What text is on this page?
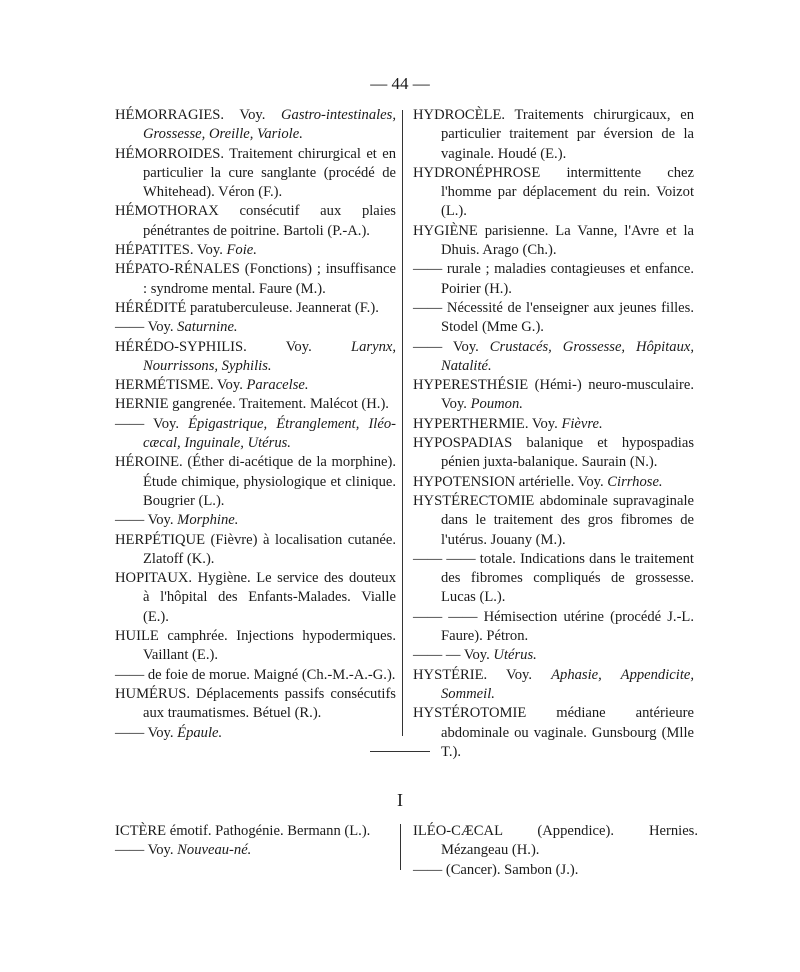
— 44 —

HÉMORRAGIES. Voy. Gastro-intestinales, Grossesse, Oreille, Variole.

HÉMORROIDES. Traitement chirurgical et en particulier la cure sanglante (procédé de Whitehead). Véron (F.).

HÉMOTHORAX consécutif aux plaies pénétrantes de poitrine. Bartoli (P.-A.).

HÉPATITES. Voy. Foie.

HÉPATO-RÉNALES (Fonctions) ; insuffisance : syndrome mental. Faure (M.).

HÉRÉDITÉ paratuberculeuse. Jeannerat (F.).

—— Voy. Saturnine.

HÉRÉDO-SYPHILIS. Voy. Larynx, Nourrissons, Syphilis.

HERMÉTISME. Voy. Paracelse.

HERNIE gangrenée. Traitement. Malécot (H.).

—— Voy. Épigastrique, Étranglement, Iléo-cæcal, Inguinale, Utérus.

HÉROINE. (Éther di-acétique de la morphine). Étude chimique, physiologique et clinique. Bougrier (L.).

—— Voy. Morphine.

HERPÉTIQUE (Fièvre) à localisation cutanée. Zlatoff (K.).

HOPITAUX. Hygiène. Le service des douteux à l'hôpital des Enfants-Malades. Vialle (E.).

HUILE camphrée. Injections hypodermiques. Vaillant (E.).

—— de foie de morue. Maigné (Ch.-M.-A.-G.).

HUMÉRUS. Déplacements passifs consécutifs aux traumatismes. Bétuel (R.).

—— Voy. Épaule.

HYDROCÈLE. Traitements chirurgicaux, en particulier traitement par éversion de la vaginale. Houdé (E.).

HYDRONÉPHROSE intermittente chez l'homme par déplacement du rein. Voizot (L.).

HYGIÈNE parisienne. La Vanne, l'Avre et la Dhuis. Arago (Ch.).

—— rurale ; maladies contagieuses et enfance. Poirier (H.).

—— Nécessité de l'enseigner aux jeunes filles. Stodel (Mme G.).

—— Voy. Crustacés, Grossesse, Hôpitaux, Natalité.

HYPERESTHÉSIE (Hémi-) neuro-musculaire. Voy. Poumon.

HYPERTHERMIE. Voy. Fièvre.

HYPOSPADIAS balanique et hypospadias pénien juxta-balanique. Saurain (N.).

HYPOTENSION artérielle. Voy. Cirrhose.

HYSTÉRECTOMIE abdominale supravaginale dans le traitement des gros fibromes de l'utérus. Jouany (M.).

—— —— totale. Indications dans le traitement des fibromes compliqués de grossesse. Lucas (L.).

—— —— Hémisection utérine (procédé J.-L. Faure). Pétron.

—— — Voy. Utérus.

HYSTÉRIE. Voy. Aphasie, Appendicite, Sommeil.

HYSTÉROTOMIE médiane antérieure abdominale ou vaginale. Gunsbourg (Mlle T.).

I

ICTÈRE émotif. Pathogénie. Bermann (L.).

—— Voy. Nouveau-né.

ILÉO-CÆCAL (Appendice). Hernies. Mézangeau (H.).

—— (Cancer). Sambon (J.).
